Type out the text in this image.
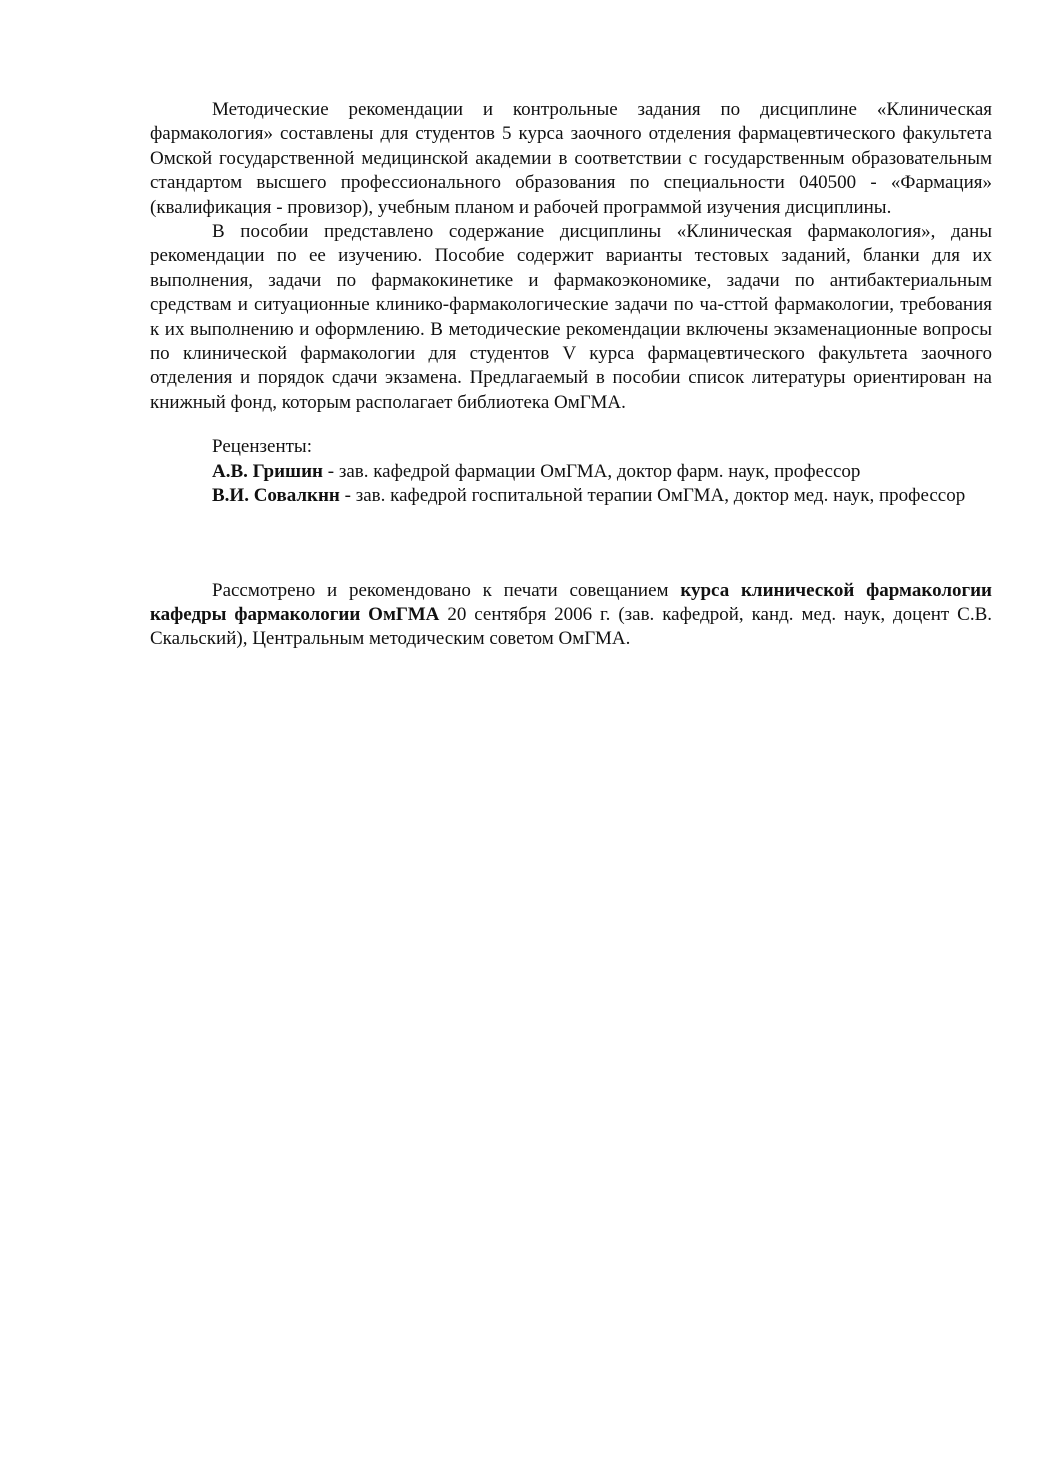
Методические рекомендации и контрольные задания по дисциплине «Клиническая фармакология» составлены для студентов 5 курса заочного отделения фармацевтического факультета Омской государственной медицинской академии в соответствии с государственным образовательным стандартом высшего профессионального образования по специальности 040500 - «Фармация» (квалификация - провизор), учебным планом и рабочей программой изучения дисциплины.

В пособии представлено содержание дисциплины «Клиническая фармакология», даны рекомендации по ее изучению. Пособие содержит варианты тестовых заданий, бланки для их выполнения, задачи по фармакокинетике и фармакоэкономике, задачи по антибактериальным средствам и ситуационные клинико-фармакологические задачи по ча-сттой фармакологии, требования к их выполнению и оформлению. В методические рекомендации включены экзаменационные вопросы по клинической фармакологии для студентов V курса фармацевтического факультета заочного отделения и порядок сдачи экзамена. Предлагаемый в пособии список литературы ориентирован на книжный фонд, которым располагает библиотека ОмГМА.

Рецензенты:

А.В. Гришин - зав. кафедрой фармации ОмГМА, доктор фарм. наук, профессор

В.И. Совалкнн - зав. кафедрой госпитальной терапии ОмГМА, доктор мед. наук, профессор

Рассмотрено и рекомендовано к печати совещанием курса клинической фармакологии кафедры фармакологии ОмГМА 20 сентября 2006 г. (зав. кафедрой, канд. мед. наук, доцент С.В. Скальский), Центральным методическим советом ОмГМА.
